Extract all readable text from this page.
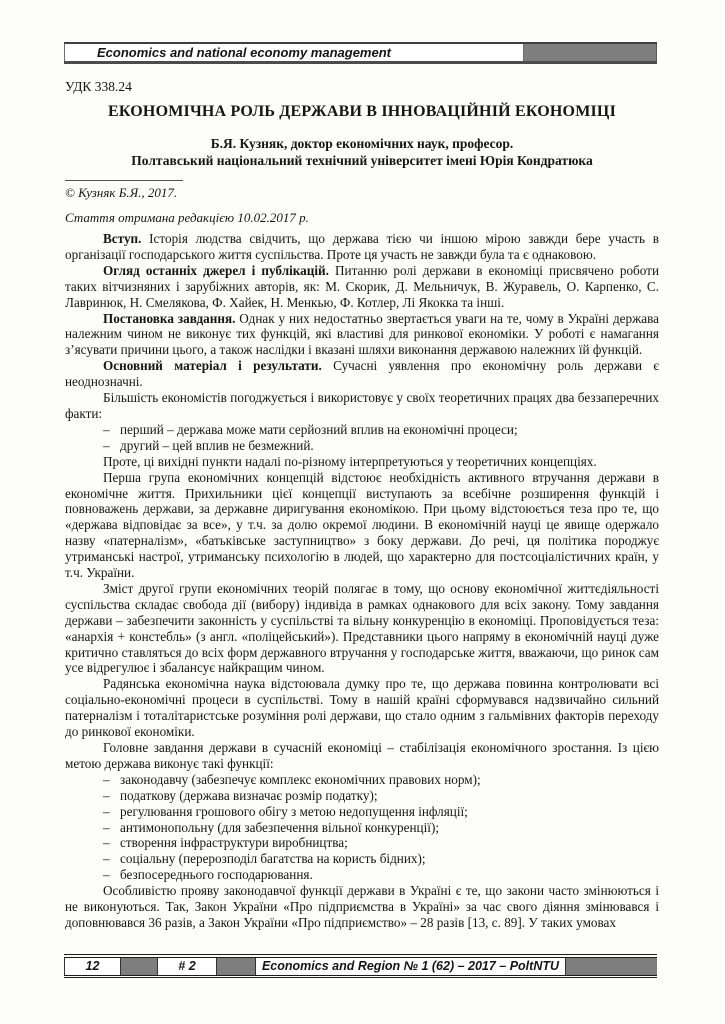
Economics and national economy management
УДК 338.24
ЕКОНОМІЧНА РОЛЬ ДЕРЖАВИ В ІННОВАЦІЙНІЙ ЕКОНОМІЦІ
Б.Я. Кузняк, доктор економічних наук, професор.
Полтавський національний технічний університет імені Юрія Кондратюка
© Кузняк Б.Я., 2017.
Стаття отримана редакцією 10.02.2017 р.

Вступ. Історія людства свідчить, що держава тією чи іншою мірою завжди бере участь в організації господарського життя суспільства. Проте ця участь не завжди була та є однаковою.

Огляд останніх джерел і публікацій. Питанню ролі держави в економіці присвячено роботи таких вітчизняних і зарубіжних авторів, як: М. Скорик, Д. Мельничук, В. Журавель, О. Карпенко, С. Лавринюк, Н. Смелякова, Ф. Хайек, Н. Менкью, Ф. Котлер, Лі Якокка та інші.

Постановка завдання. Однак у них недостатньо звертається уваги на те, чому в Україні держава належним чином не виконує тих функцій, які властиві для ринкової економіки. У роботі є намагання з’ясувати причини цього, а також наслідки і вказані шляхи виконання державою належних їй функцій.

Основний матеріал і результати. Сучасні уявлення про економічну роль держави є неоднозначні.

Більшість економістів погоджується і використовує у своїх теоретичних працях два беззаперечних факти:

– перший – держава може мати серйозний вплив на економічні процеси;
– другий – цей вплив не безмежний.

Проте, ці вихідні пункти надалі по-різному інтерпретуються у теоретичних концепціях.

Перша група економічних концепцій відстоює необхідність активного втручання держави в економічне життя. Прихильники цієї концепції виступають за всебічне розширення функцій і повноважень держави, за державне диригування економікою. При цьому відстоюється теза про те, що «держава відповідає за все», у т.ч. за долю окремої людини. В економічній науці це явище одержало назву «патерналізм», «батьківське заступництво» з боку держави. До речі, ця політика породжує утриманські настрої, утриманську психологію в людей, що характерно для постсоціалістичних країн, у т.ч. України.

Зміст другої групи економічних теорій полягає в тому, що основу економічної життєдіяльності суспільства складає свобода дії (вибору) індивіда в рамках однакового для всіх закону. Тому завдання держави – забезпечити законність у суспільстві та вільну конкуренцію в економіці. Проповідується теза: «анархія + констебль» (з англ. «поліцейський»). Представники цього напряму в економічній науці дуже критично ставляться до всіх форм державного втручання у господарське життя, вважаючи, що ринок сам усе відрегулює і збалансує найкращим чином.

Радянська економічна наука відстоювала думку про те, що держава повинна контролювати всі соціально-економічні процеси в суспільстві. Тому в нашій країні сформувався надзвичайно сильний патерналізм і тоталітаристське розуміння ролі держави, що стало одним з гальмівних факторів переходу до ринкової економіки.

Головне завдання держави в сучасній економіці – стабілізація економічного зростання. Із цією метою держава виконує такі функції:

– законодавчу (забезпечує комплекс економічних правових норм);
– податкову (держава визначає розмір податку);
– регулювання грошового обігу з метою недопущення інфляції;
– антимонопольну (для забезпечення вільної конкуренції);
– створення інфраструктури виробництва;
– соціальну (перерозподіл багатства на користь бідних);
– безпосереднього господарювання.

Особливістю прояву законодавчої функції держави в Україні є те, що закони часто змінюються і не виконуються. Так, Закон України «Про підприємства в Україні» за час свого діяння змінювався і доповнювався 36 разів, а Закон України «Про підприємство» – 28 разів [13, с. 89]. У таких умовах

12	# 2	Economics and Region № 1 (62) – 2017 – PoltNTU
